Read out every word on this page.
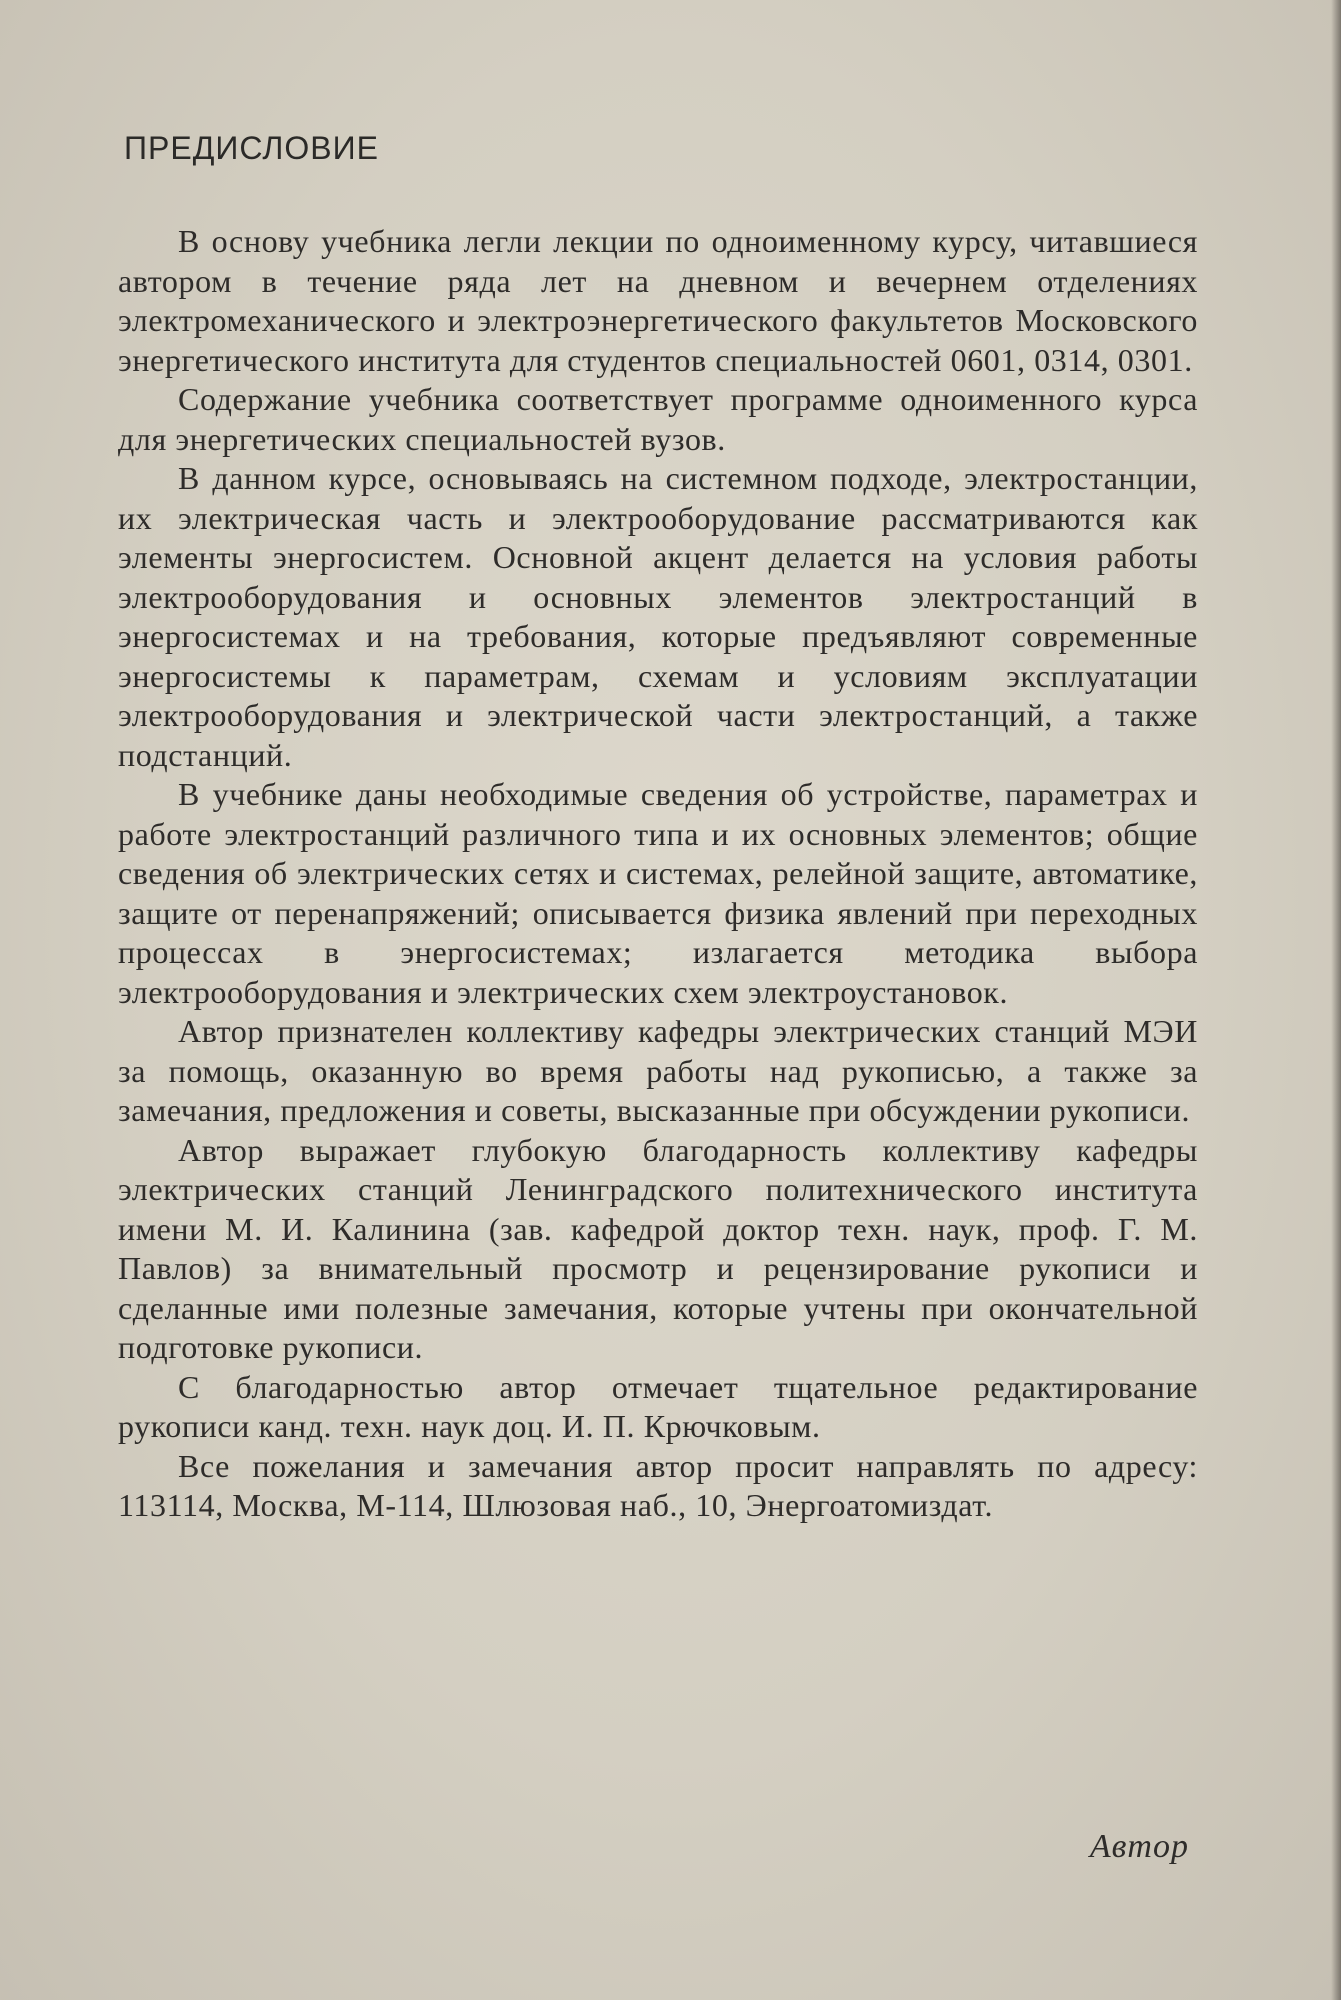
ПРЕДИСЛОВИЕ

В основу учебника легли лекции по одноименному курсу, читавшиеся автором в течение ряда лет на дневном и вечернем отделениях электромеханического и электроэнергетического факультетов Московского энергетического института для студентов специальностей 0601, 0314, 0301.

Содержание учебника соответствует программе одноименного курса для энергетических специальностей вузов.

В данном курсе, основываясь на системном подходе, электростанции, их электрическая часть и электрооборудование рассматриваются как элементы энергосистем. Основной акцент делается на условия работы электрооборудования и основных элементов электростанций в энергосистемах и на требования, которые предъявляют современные энергосистемы к параметрам, схемам и условиям эксплуатации электрооборудования и электрической части электростанций, а также подстанций.

В учебнике даны необходимые сведения об устройстве, параметрах и работе электростанций различного типа и их основных элементов; общие сведения об электрических сетях и системах, релейной защите, автоматике, защите от перенапряжений; описывается физика явлений при переходных процессах в энергосистемах; излагается методика выбора электрооборудования и электрических схем электроустановок.

Автор признателен коллективу кафедры электрических станций МЭИ за помощь, оказанную во время работы над рукописью, а также за замечания, предложения и советы, высказанные при обсуждении рукописи.

Автор выражает глубокую благодарность коллективу кафедры электрических станций Ленинградского политехнического института имени М. И. Калинина (зав. кафедрой доктор техн. наук, проф. Г. М. Павлов) за внимательный просмотр и рецензирование рукописи и сделанные ими полезные замечания, которые учтены при окончательной подготовке рукописи.

С благодарностью автор отмечает тщательное редактирование рукописи канд. техн. наук доц. И. П. Крючковым.

Все пожелания и замечания автор просит направлять по адресу: 113114, Москва, М-114, Шлюзовая наб., 10, Энергоатомиздат.

Автор
